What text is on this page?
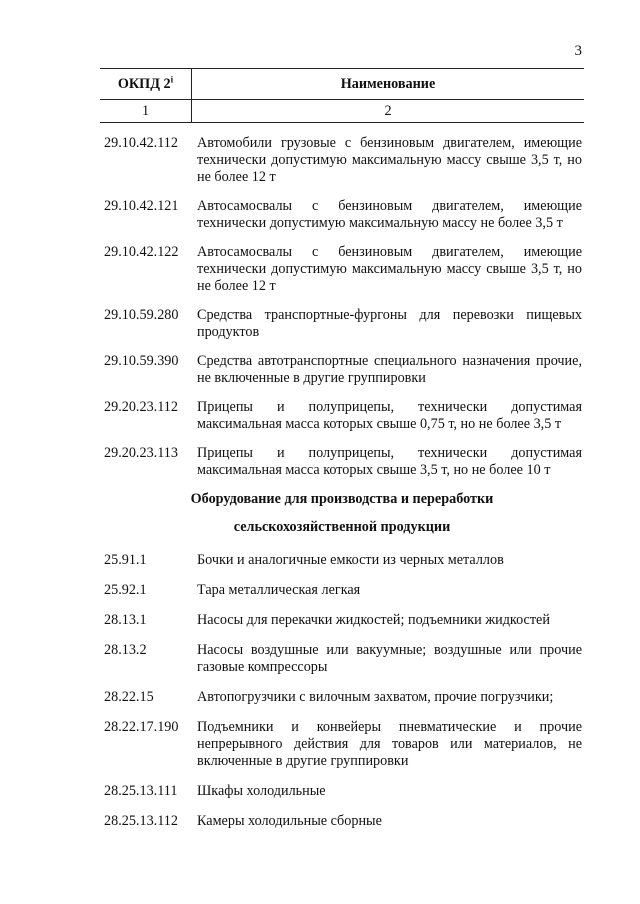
3
ОКПД 2$^i$	Наименование
1	2
29.10.42.112	Автомобили грузовые с бензиновым двигателем, имеющие технически допустимую максимальную массу свыше 3,5 т, но не более 12 т
29.10.42.121	Автосамосвалы с бензиновым двигателем, имеющие технически допустимую максимальную массу не более 3,5 т
29.10.42.122	Автосамосвалы с бензиновым двигателем, имеющие технически допустимую максимальную массу свыше 3,5 т, но не более 12 т
29.10.59.280	Средства транспортные-фургоны для перевозки пищевых продуктов
29.10.59.390	Средства автотранспортные специального назначения прочие, не включенные в другие группировки
29.20.23.112	Прицепы и полуприцепы, технически допустимая максимальная масса которых свыше 0,75 т, но не более 3,5 т
29.20.23.113	Прицепы и полуприцепы, технически допустимая максимальная масса которых свыше 3,5 т, но не более 10 т
Оборудование для производства и переработки
сельскохозяйственной продукции
25.91.1	Бочки и аналогичные емкости из черных металлов
25.92.1	Тара металлическая легкая
28.13.1	Насосы для перекачки жидкостей; подъемники жидкостей
28.13.2	Насосы воздушные или вакуумные; воздушные или прочие газовые компрессоры
28.22.15	Автопогрузчики с вилочным захватом, прочие погрузчики;
28.22.17.190	Подъемники и конвейеры пневматические и прочие непрерывного действия для товаров или материалов, не включенные в другие группировки
28.25.13.111	Шкафы холодильные
28.25.13.112	Камеры холодильные сборные
